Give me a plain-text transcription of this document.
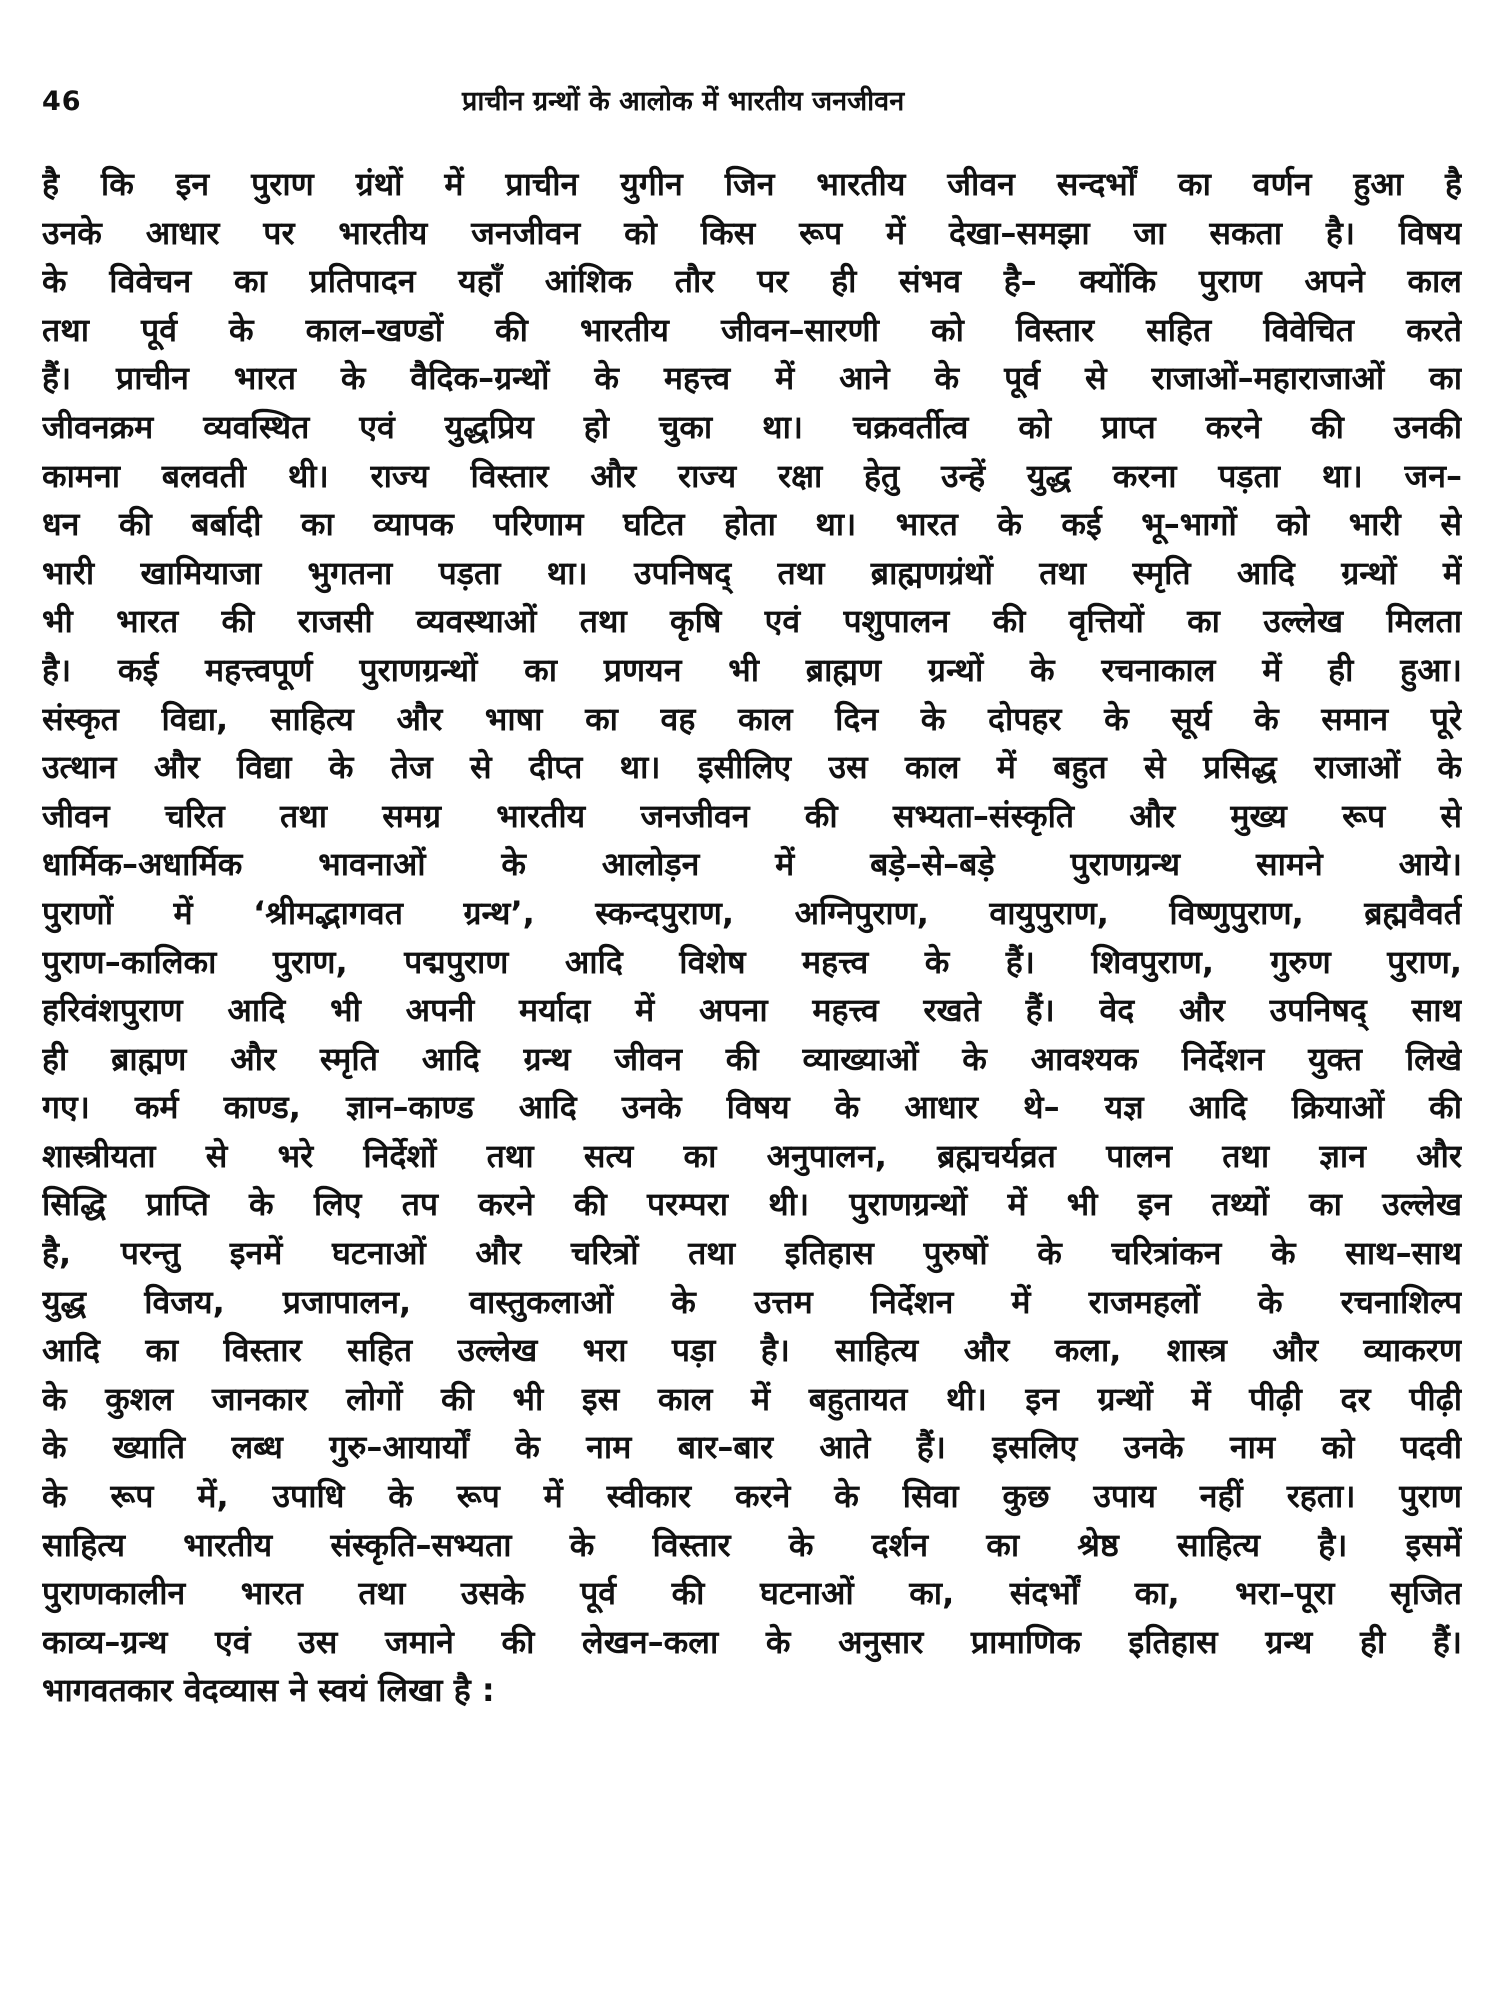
46	प्राचीन ग्रन्थों के आलोक में भारतीय जनजीवन
है कि इन पुराण ग्रंथों में प्राचीन युगीन जिन भारतीय जीवन सन्दर्भों का वर्णन हुआ है
उनके आधार पर भारतीय जनजीवन को किस रूप में देखा–समझा जा सकता है। विषय
के विवेचन का प्रतिपादन यहाँ आंशिक तौर पर ही संभव है– क्योंकि पुराण अपने काल
तथा पूर्व के काल–खण्डों की भारतीय जीवन–सारणी को विस्तार सहित विवेचित करते
हैं। प्राचीन भारत के वैदिक–ग्रन्थों के महत्त्व में आने के पूर्व से राजाओं–महाराजाओं का
जीवनक्रम व्यवस्थित एवं युद्धप्रिय हो चुका था। चक्रवर्तीत्व को प्राप्त करने की उनकी
कामना बलवती थी। राज्य विस्तार और राज्य रक्षा हेतु उन्हें युद्ध करना पड़ता था। जन–
धन की बर्बादी का व्यापक परिणाम घटित होता था। भारत के कई भू–भागों को भारी से
भारी खामियाजा भुगतना पड़ता था। उपनिषद् तथा ब्राह्मणग्रंथों तथा स्मृति आदि ग्रन्थों में
भी भारत की राजसी व्यवस्थाओं तथा कृषि एवं पशुपालन की वृत्तियों का उल्लेख मिलता
है। कई महत्त्वपूर्ण पुराणग्रन्थों का प्रणयन भी ब्राह्मण ग्रन्थों के रचनाकाल में ही हुआ।
संस्कृत विद्या, साहित्य और भाषा का वह काल दिन के दोपहर के सूर्य के समान पूरे
उत्थान और विद्या के तेज से दीप्त था। इसीलिए उस काल में बहुत से प्रसिद्ध राजाओं के
जीवन चरित तथा समग्र भारतीय जनजीवन की सभ्यता–संस्कृति और मुख्य रूप से
धार्मिक–अधार्मिक भावनाओं के आलोड़न में बड़े–से–बड़े पुराणग्रन्थ सामने आये।
पुराणों में ‘श्रीमद्भागवत ग्रन्थ’, स्कन्दपुराण, अग्निपुराण, वायुपुराण, विष्णुपुराण, ब्रह्मवैवर्त
पुराण–कालिका पुराण, पद्मपुराण आदि विशेष महत्त्व के हैं। शिवपुराण, गुरुण पुराण,
हरिवंशपुराण आदि भी अपनी मर्यादा में अपना महत्त्व रखते हैं। वेद और उपनिषद् साथ
ही ब्राह्मण और स्मृति आदि ग्रन्थ जीवन की व्याख्याओं के आवश्यक निर्देशन युक्त लिखे
गए। कर्म काण्ड, ज्ञान–काण्ड आदि उनके विषय के आधार थे– यज्ञ आदि क्रियाओं की
शास्त्रीयता से भरे निर्देशों तथा सत्य का अनुपालन, ब्रह्मचर्यव्रत पालन तथा ज्ञान और
सिद्धि प्राप्ति के लिए तप करने की परम्परा थी। पुराणग्रन्थों में भी इन तथ्यों का उल्लेख
है, परन्तु इनमें घटनाओं और चरित्रों तथा इतिहास पुरुषों के चरित्रांकन के साथ–साथ
युद्ध विजय, प्रजापालन, वास्तुकलाओं के उत्तम निर्देशन में राजमहलों के रचनाशिल्प
आदि का विस्तार सहित उल्लेख भरा पड़ा है। साहित्य और कला, शास्त्र और व्याकरण
के कुशल जानकार लोगों की भी इस काल में बहुतायत थी। इन ग्रन्थों में पीढ़ी दर पीढ़ी
के ख्याति लब्ध गुरु–आयार्यों के नाम बार–बार आते हैं। इसलिए उनके नाम को पदवी
के रूप में, उपाधि के रूप में स्वीकार करने के सिवा कुछ उपाय नहीं रहता। पुराण
साहित्य भारतीय संस्कृति–सभ्यता के विस्तार के दर्शन का श्रेष्ठ साहित्य है। इसमें
पुराणकालीन भारत तथा उसके पूर्व की घटनाओं का, संदर्भों का, भरा–पूरा सृजित
काव्य–ग्रन्थ एवं उस जमाने की लेखन–कला के अनुसार प्रामाणिक इतिहास ग्रन्थ ही हैं।
भागवतकार वेदव्यास ने स्वयं लिखा है :
